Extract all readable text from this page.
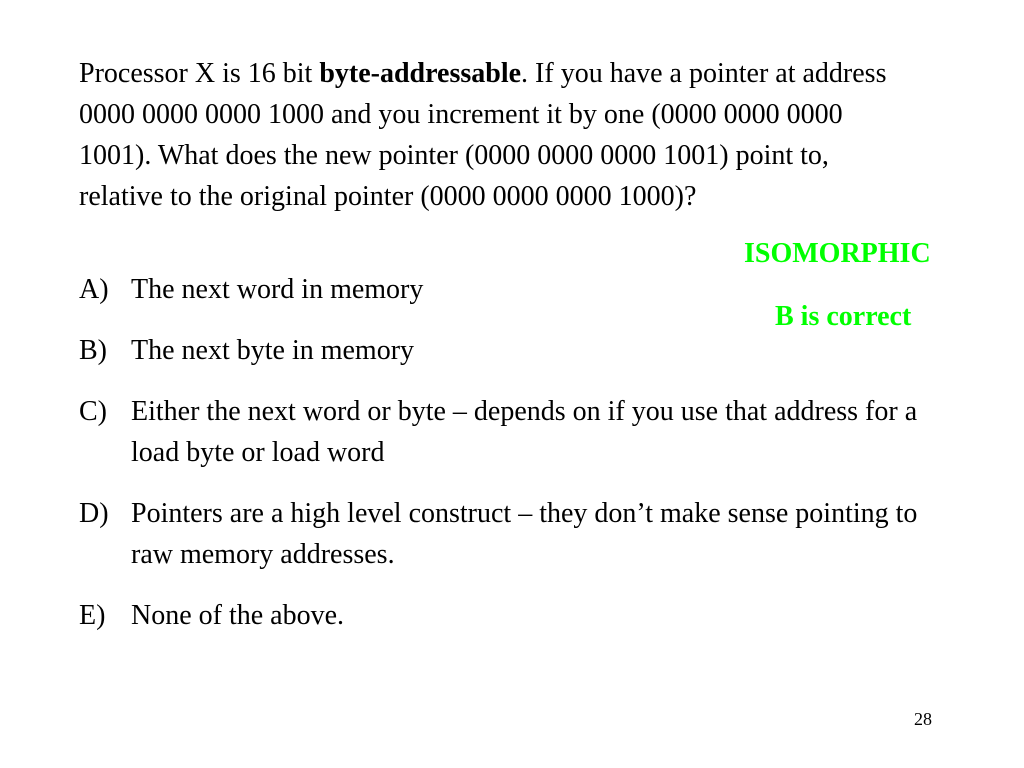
Processor X is 16 bit byte-addressable. If you have a pointer at address 0000 0000 0000 1000 and you increment it by one (0000 0000 0000 1001). What does the new pointer (0000 0000 0000 1001) point to, relative to the original pointer (0000 0000 0000 1000)?
A) The next word in memory
B) The next byte in memory
C) Either the next word or byte – depends on if you use that address for a load byte or load word
D) Pointers are a high level construct – they don’t make sense pointing to raw memory addresses.
E) None of the above.
ISOMORPHIC
B is correct
28
